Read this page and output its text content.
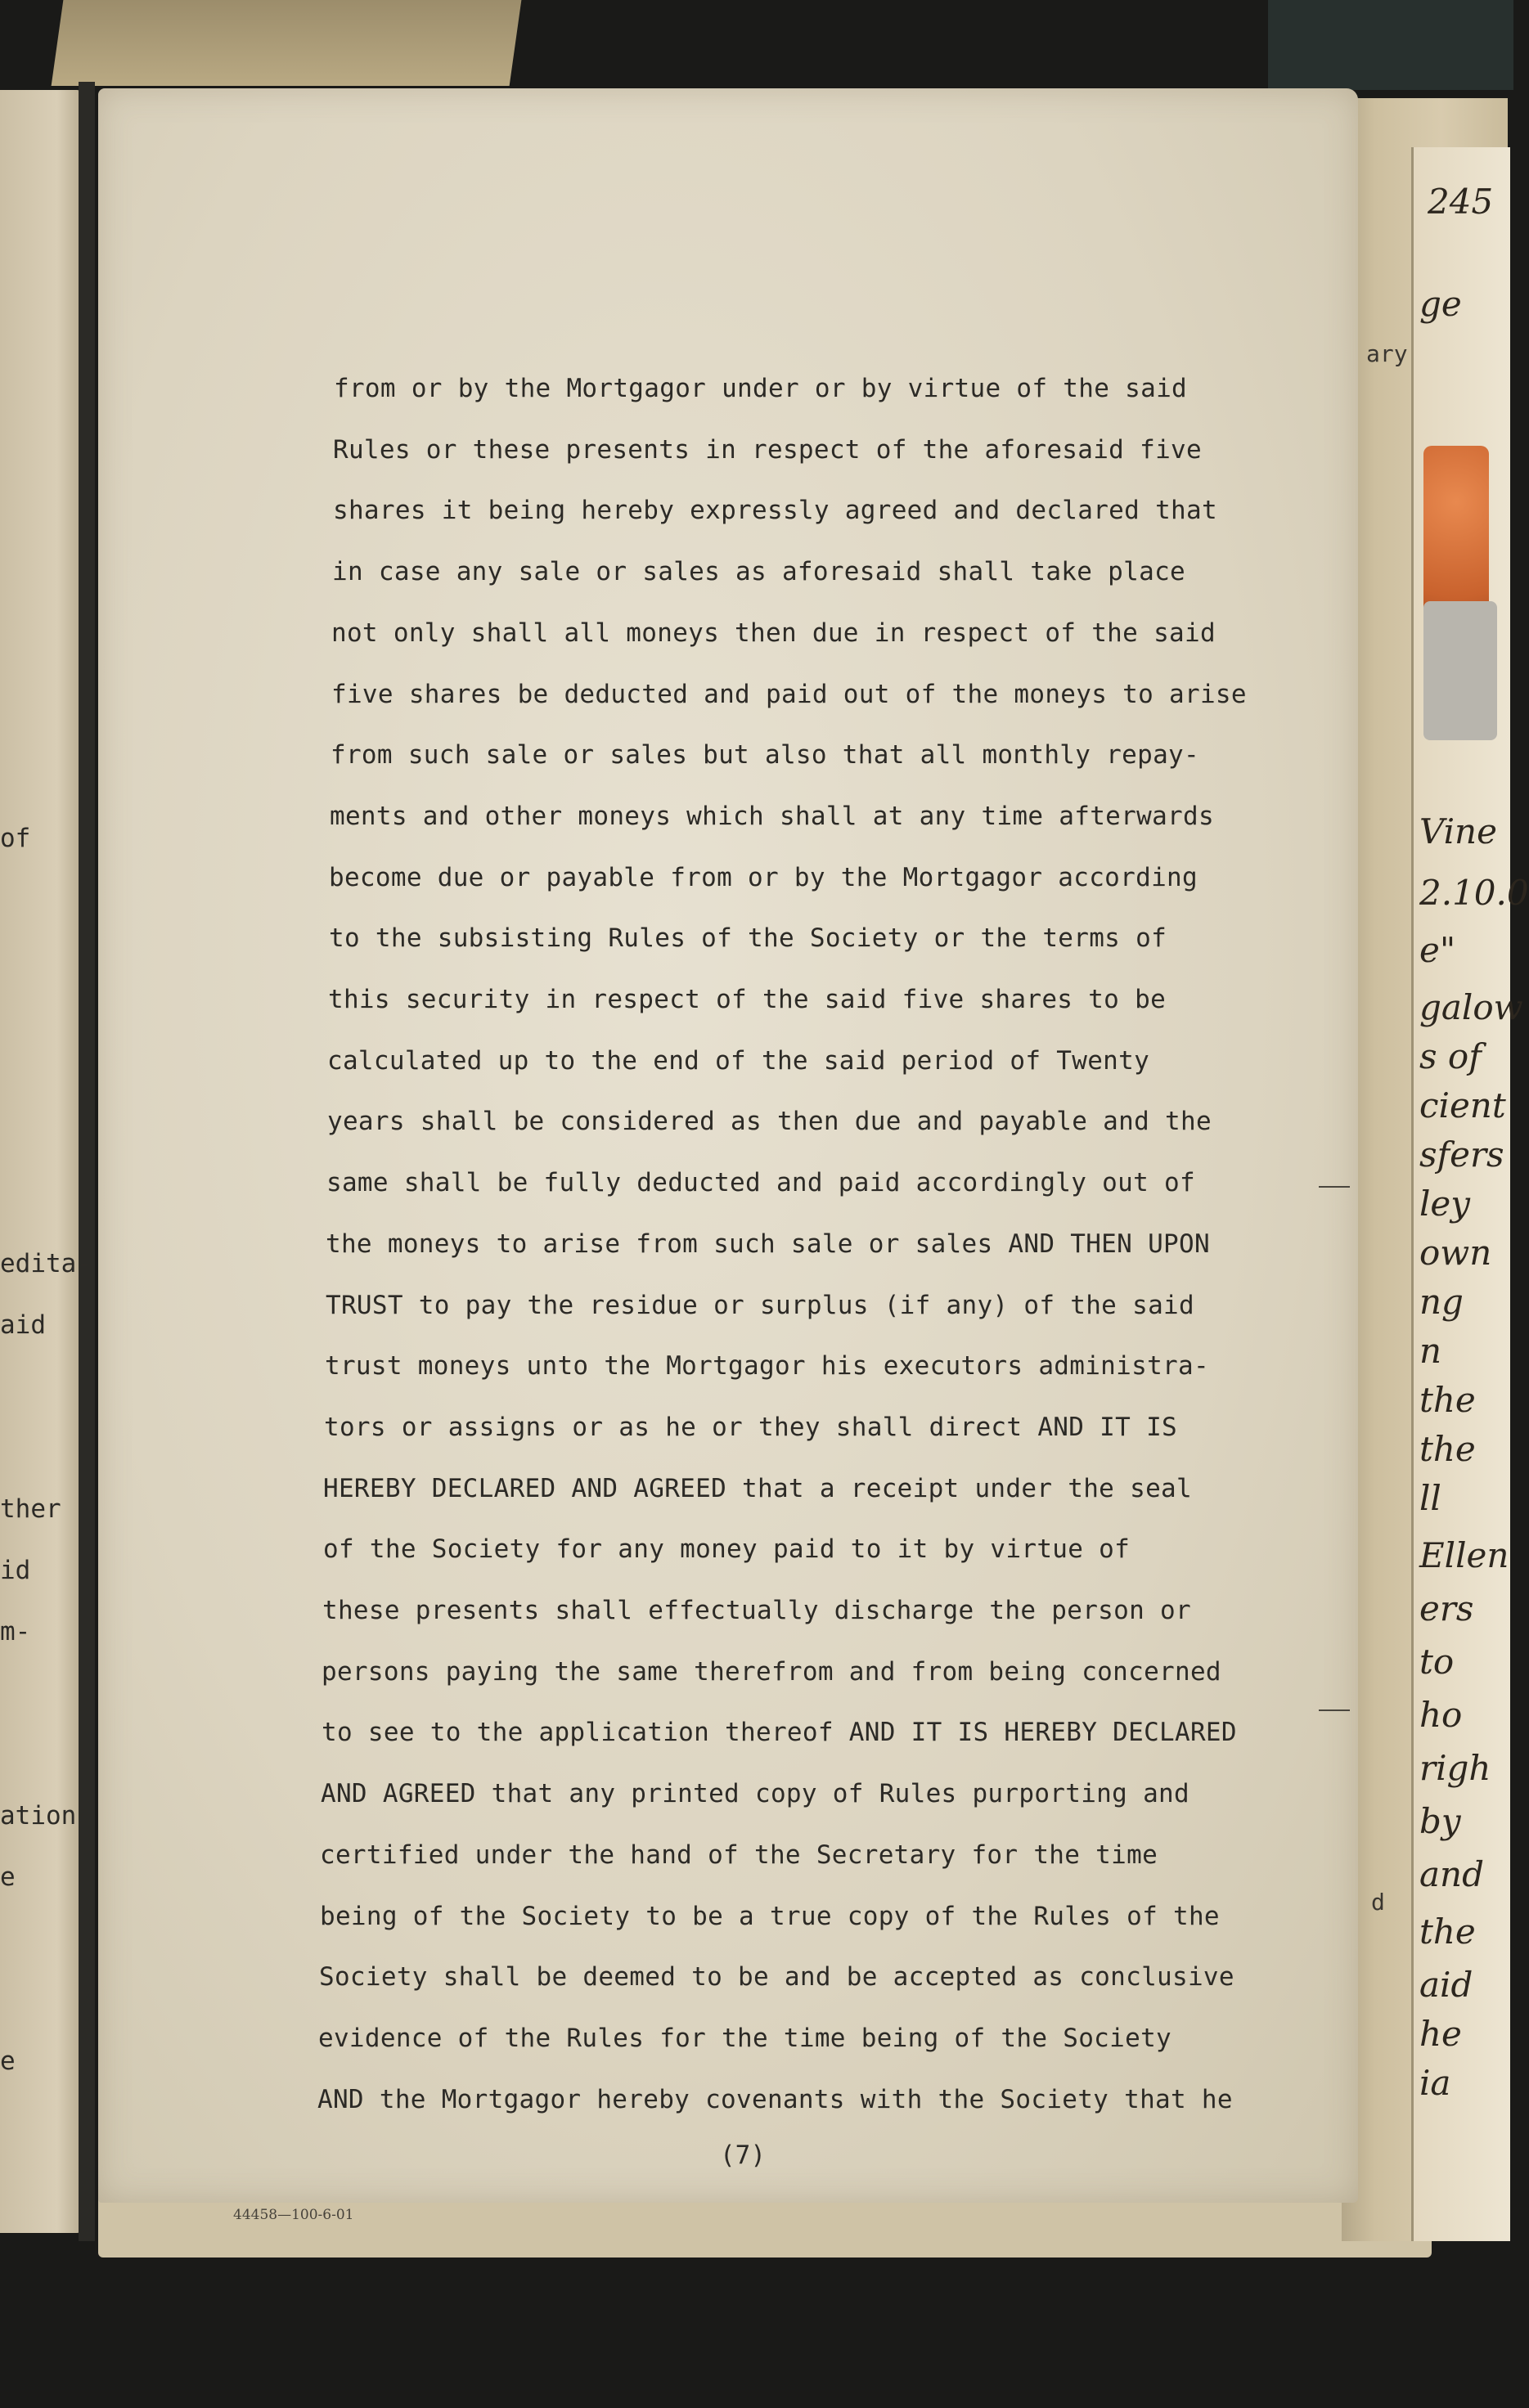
of

edita-

aid

ther

id

m-

ation

e

e

ary

d

ge

Vine

2.10.0

e"

galow

s of

cient

sfers

ley

own

ng

n

the

the

ll

Ellen

ers

to

ho

righ

by

and

the

aid

he

ia

245

from or by the Mortgagor under or by virtue of the said

Rules or these presents in respect of the aforesaid five

shares it being hereby expressly agreed and declared that

in case any sale or sales as aforesaid shall take place

not only shall all moneys then due in respect of the said

five shares be deducted and paid out of the moneys to arise

from such sale or sales but also that all monthly repay-

ments and other moneys which shall at any time afterwards

become due or payable from or by the Mortgagor according

to the subsisting Rules of the Society or the terms of

this security in respect of the said five shares to be

calculated up to the end of the said period of Twenty

years shall be considered as then due and payable and the

same shall be fully deducted and paid accordingly out of

the moneys to arise from such sale or sales AND THEN UPON

TRUST to pay the residue or surplus (if any) of the said

trust moneys unto the Mortgagor his executors administra-

tors or assigns or as he or they shall direct AND IT IS

HEREBY DECLARED AND AGREED that a receipt under the seal

of the Society for any money paid to it by virtue of

these presents shall effectually discharge the person or

persons paying the same therefrom and from being concerned

to see to the application thereof AND IT IS HEREBY DECLARED

AND AGREED that any printed copy of Rules purporting and

certified under the hand of the Secretary for the time

being of the Society to be a true copy of the Rules of the

Society shall be deemed to be and be accepted as conclusive

evidence of the Rules for the time being of the Society

AND the Mortgagor hereby covenants with the Society that he

(7)

44458—100-6-01
